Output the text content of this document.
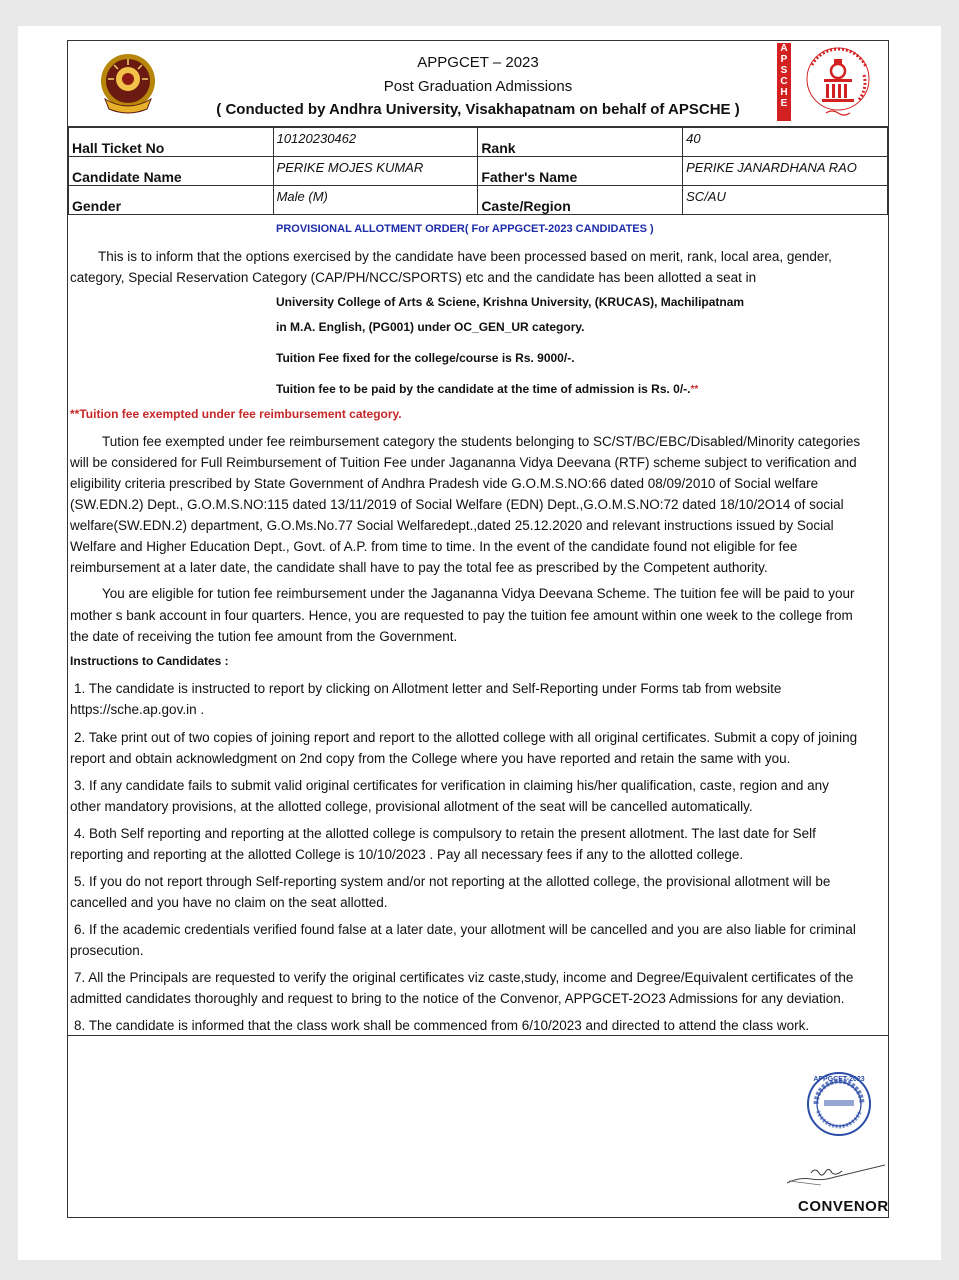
APPGCET – 2023
Post Graduation Admissions
( Conducted by Andhra University, Visakhapatnam on behalf of APSCHE )
A
P
S
C
H
E
Hall Ticket No	10120230462	Rank	40
Candidate Name	PERIKE MOJES KUMAR	Father's Name	PERIKE JANARDHANA RAO
Gender	Male (M)	Caste/Region	SC/AU
PROVISIONAL ALLOTMENT ORDER( For APPGCET-2023 CANDIDATES )
This is to inform that the options exercised by the candidate have been processed based on merit, rank, local area, gender,
category, Special Reservation Category (CAP/PH/NCC/SPORTS) etc and the candidate has been allotted a seat in
University College of Arts & Sciene, Krishna University, (KRUCAS), Machilipatnam
in M.A. English, (PG001) under OC_GEN_UR category.
Tuition Fee fixed for the college/course is Rs. 9000/-.
Tuition fee to be paid by the candidate at the time of admission is Rs. 0/-.**
**Tuition fee exempted under fee reimbursement category.
Tution fee exempted under fee reimbursement category the students belonging to SC/ST/BC/EBC/Disabled/Minority categories
will be considered for Full Reimbursement of Tuition Fee under Jagananna Vidya Deevana (RTF) scheme subject to verification and
eligibility criteria prescribed by State Government of Andhra Pradesh vide G.O.M.S.NO:66 dated 08/09/2010 of Social welfare
(SW.EDN.2) Dept., G.O.M.S.NO:115 dated 13/11/2019 of Social Welfare (EDN) Dept.,G.O.M.S.NO:72 dated 18/10/2O14 of social
welfare(SW.EDN.2) department, G.O.Ms.No.77 Social Welfaredept.,dated 25.12.2020 and relevant instructions issued by Social
Welfare and Higher Education Dept., Govt. of A.P. from time to time. In the event of the candidate found not eligible for fee
reimbursement at a later date, the candidate shall have to pay the total fee as prescribed by the Competent authority.
You are eligible for tution fee reimbursement under the Jagananna Vidya Deevana Scheme. The tuition fee will be paid to your
mother s bank account in four quarters. Hence, you are requested to pay the tuition fee amount within one week to the college from
the date of receiving the tution fee amount from the Government.
Instructions to Candidates :
1. The candidate is instructed to report by clicking on Allotment letter and Self-Reporting under Forms tab from website
https://sche.ap.gov.in .
2. Take print out of two copies of joining report and report to the allotted college with all original certificates. Submit a copy of joining
report and obtain acknowledgment on 2nd copy from the College where you have reported and retain the same with you.
3. If any candidate fails to submit valid original certificates for verification in claiming his/her qualification, caste, region and any
other mandatory provisions, at the allotted college, provisional allotment of the seat will be cancelled automatically.
4. Both Self reporting and reporting at the allotted college is compulsory to retain the present allotment. The last date for Self
reporting and reporting at the allotted College is 10/10/2023 . Pay all necessary fees if any to the allotted college.
5. If you do not report through Self-reporting system and/or not reporting at the allotted college, the provisional allotment will be
cancelled and you have no claim on the seat allotted.
6. If the academic credentials verified found false at a later date, your allotment will be cancelled and you are also liable for criminal
prosecution.
7. All the Principals are requested to verify the original certificates viz caste,study, income and Degree/Equivalent certificates of the
admitted candidates thoroughly and request to bring to the notice of the Convenor, APPGCET-2O23 Admissions for any deviation.
8. The candidate is informed that the class work shall be commenced from 6/10/2023 and directed to attend the class work.
APPGCET-2023
CONVENOR
